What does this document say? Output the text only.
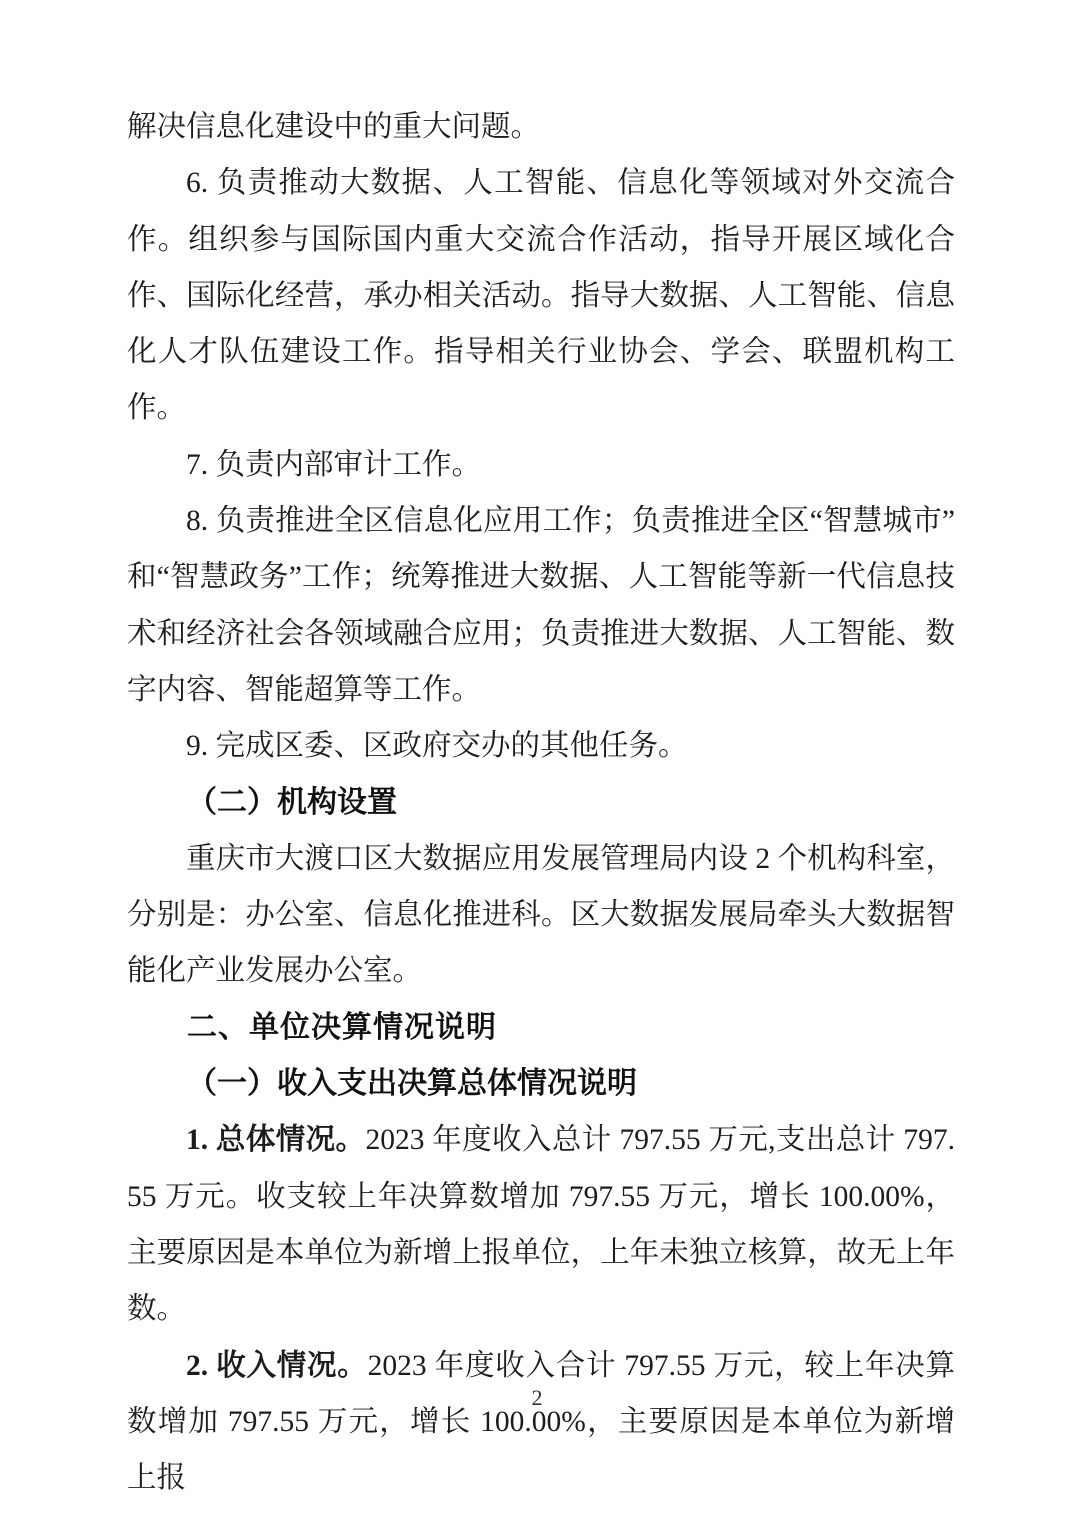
解决信息化建设中的重大问题。

6. 负责推动大数据、人工智能、信息化等领域对外交流合作。组织参与国际国内重大交流合作活动，指导开展区域化合作、国际化经营，承办相关活动。指导大数据、人工智能、信息化人才队伍建设工作。指导相关行业协会、学会、联盟机构工作。

7. 负责内部审计工作。

8. 负责推进全区信息化应用工作；负责推进全区“智慧城市”和“智慧政务”工作；统筹推进大数据、人工智能等新一代信息技术和经济社会各领域融合应用；负责推进大数据、人工智能、数字内容、智能超算等工作。

9. 完成区委、区政府交办的其他任务。

（二）机构设置

重庆市大渡口区大数据应用发展管理局内设 2 个机构科室，分别是：办公室、信息化推进科。区大数据发展局牵头大数据智能化产业发展办公室。

二、单位决算情况说明
（一）收入支出决算总体情况说明

1. 总体情况。2023 年度收入总计 797.55 万元,支出总计 797.55 万元。收支较上年决算数增加 797.55 万元，增长 100.00%，主要原因是本单位为新增上报单位，上年未独立核算，故无上年数。

2. 收入情况。2023 年度收入合计 797.55 万元，较上年决算数增加 797.55 万元，增长 100.00%，主要原因是本单位为新增上报

2
